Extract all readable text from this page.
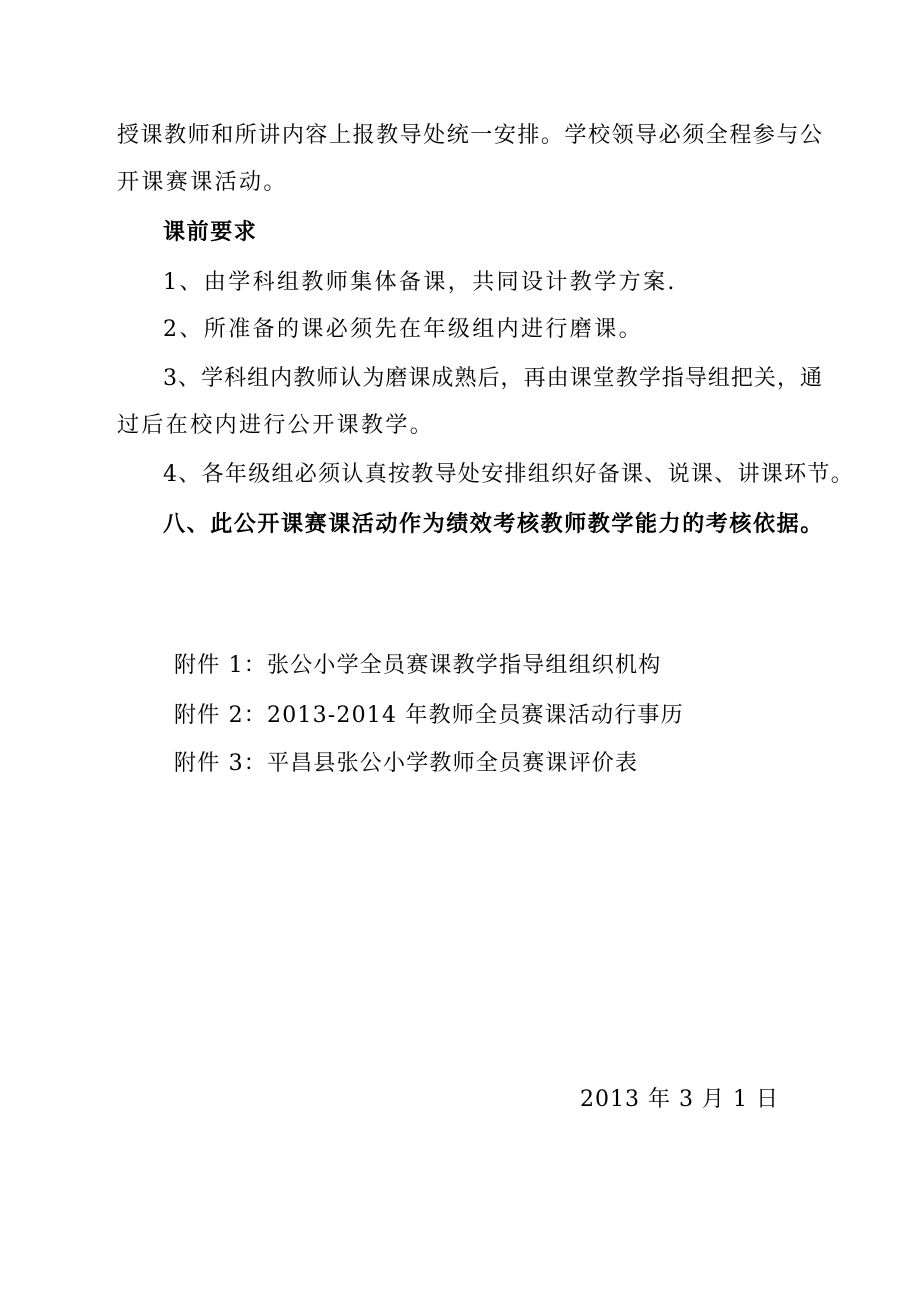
授课教师和所讲内容上报教导处统一安排。学校领导必须全程参与公
开课赛课活动。
课前要求
1、由学科组教师集体备课，共同设计教学方案.
2、所准备的课必须先在年级组内进行磨课。
3、学科组内教师认为磨课成熟后，再由课堂教学指导组把关，通
过后在校内进行公开课教学。
4、各年级组必须认真按教导处安排组织好备课、说课、讲课环节。
八、此公开课赛课活动作为绩效考核教师教学能力的考核依据。
附件 1：张公小学全员赛课教学指导组组织机构
附件 2：2013-2014 年教师全员赛课活动行事历
附件 3：平昌县张公小学教师全员赛课评价表
2013 年 3 月 1 日
